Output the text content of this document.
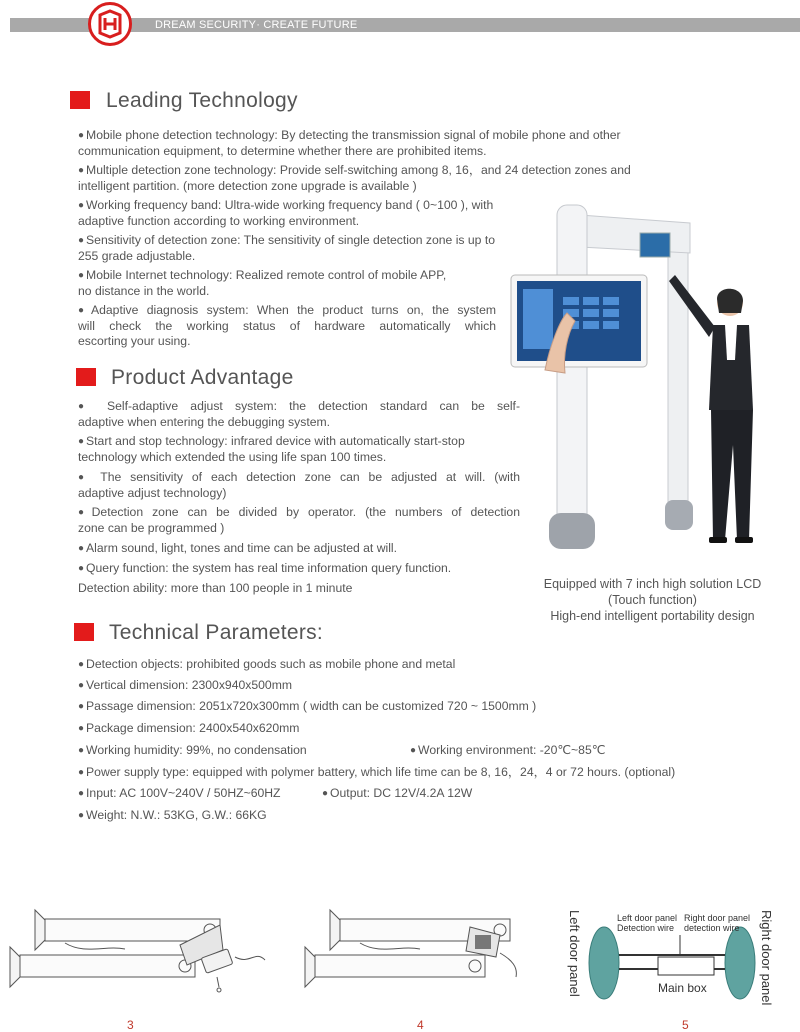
DREAM SECURITY· CREATE FUTURE
Leading Technology
● Mobile phone detection technology: By detecting the transmission signal of mobile phone and other
communication equipment, to determine whether there are prohibited items.
● Multiple detection zone technology: Provide self-switching among 8, 16，and 24 detection zones and
intelligent partition. (more detection zone upgrade is available )
● Working frequency band: Ultra-wide working frequency band ( 0~100 ), with
adaptive function according to working environment.
● Sensitivity of detection zone: The sensitivity of single detection zone is up to
255 grade adjustable.
● Mobile Internet technology: Realized remote control of mobile APP,
no distance in the world.
● Adaptive diagnosis system: When the product turns on, the system
will check the working status of hardware automatically which
escorting your using.
Product Advantage
● Self-adaptive adjust system: the detection standard can be self-
adaptive when entering the debugging system.
● Start and stop technology: infrared device with automatically start-stop
technology which extended the using life span 100 times.
● The sensitivity of each detection zone can be adjusted at will. (with
adaptive adjust technology)
● Detection zone can be divided by operator. (the numbers of detection
zone can be programmed )
● Alarm sound, light, tones and time can be adjusted at will.
● Query function: the system has real time information query function.
Detection ability: more than 100 people in 1 minute	Equipped with 7 inch high solution LCD
(Touch function)
High-end intelligent portability design
Technical Parameters:
● Detection objects: prohibited goods such as mobile phone and metal
● Vertical dimension: 2300x940x500mm
● Passage dimension: 2051x720x300mm ( width can be customized 720 ~ 1500mm )
● Package dimension: 2400x540x620mm
● Working humidity: 99%, no condensation	● Working environment: -20℃~85℃
● Power supply type: equipped with polymer battery, which life time can be 8, 16，24，4 or 72 hours. (optional)
● Input: AC 100V~240V / 50HZ~60HZ	● Output: DC 12V/4.2A 12W
● Weight: N.W.: 53KG, G.W.: 66KG
3	4
Left door panel
Detection wire
Right door panel
detection wire
Left door panel	Right door panel
Main box
5
